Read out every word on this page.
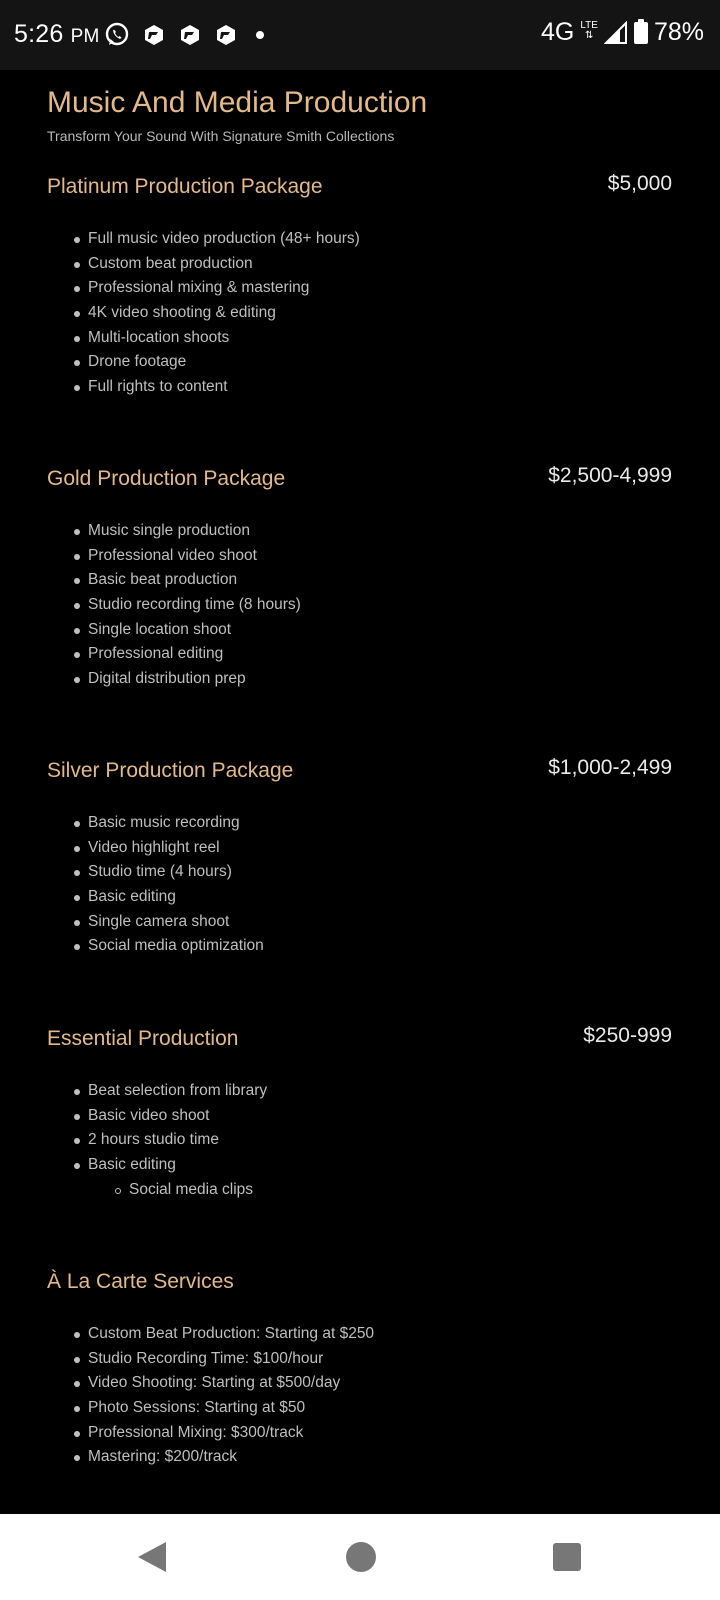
5:26 PM	4G LTE
⇅ 78%
Music And Media Production
Transform Your Sound With Signature Smith Collections
Platinum Production Package	$5,000
Full music video production (48+ hours)
Custom beat production
Professional mixing & mastering
4K video shooting & editing
Multi-location shoots
Drone footage
Full rights to content
Gold Production Package	$2,500-4,999
Music single production
Professional video shoot
Basic beat production
Studio recording time (8 hours)
Single location shoot
Professional editing
Digital distribution prep
Silver Production Package	$1,000-2,499
Basic music recording
Video highlight reel
Studio time (4 hours)
Basic editing
Single camera shoot
Social media optimization
Essential Production	$250-999
Beat selection from library
Basic video shoot
2 hours studio time
Basic editing
Social media clips
À La Carte Services
Custom Beat Production: Starting at $250
Studio Recording Time: $100/hour
Video Shooting: Starting at $500/day
Photo Sessions: Starting at $50
Professional Mixing: $300/track
Mastering: $200/track
